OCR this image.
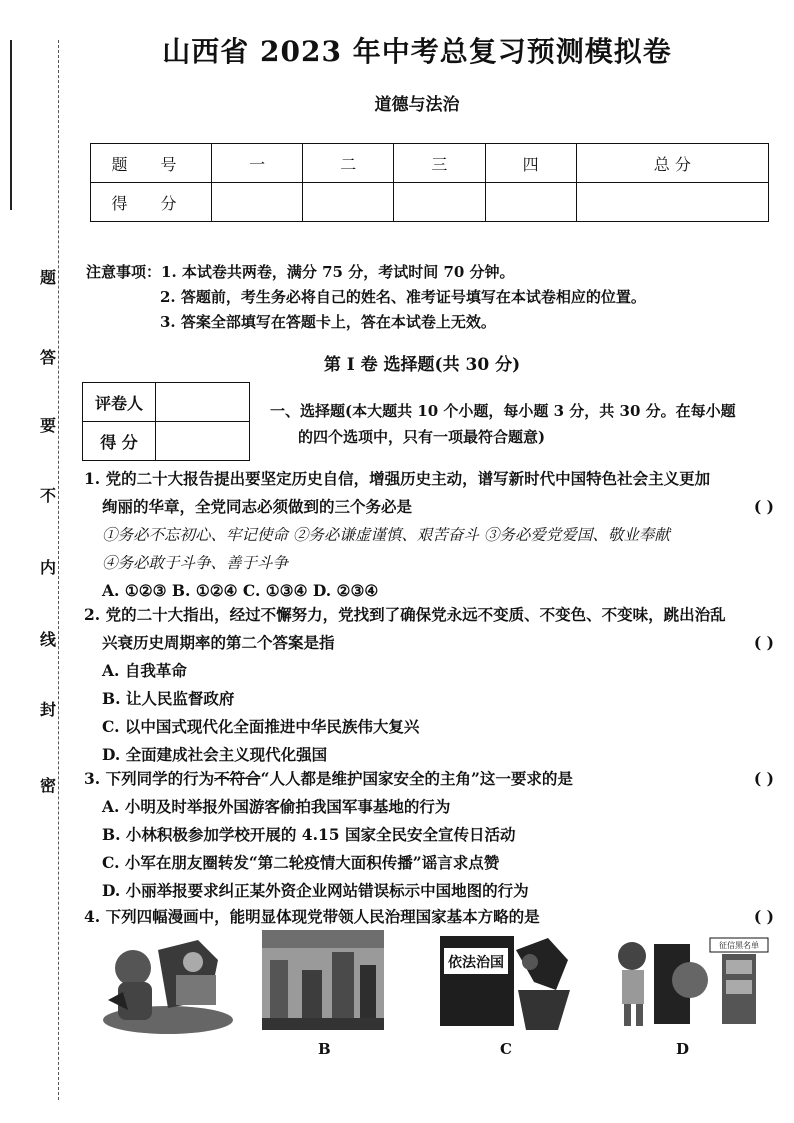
题
答
要
不
内
线
封
密
山西省 2023 年中考总复习预测模拟卷
道德与法治
题 号	一	二	三	四	总 分
得 分					
注意事项：1. 本试卷共两卷，满分 75 分，考试时间 70 分钟。
2. 答题前，考生务必将自己的姓名、准考证号填写在本试卷相应的位置。
3. 答案全部填写在答题卡上，答在本试卷上无效。
第 Ⅰ 卷 选择题(共 30 分)
评卷人	
得 分	
一、选择题(本大题共 10 个小题，每小题 3 分，共 30 分。在每小题
的四个选项中，只有一项最符合题意)
1. 党的二十大报告提出要坚定历史自信，增强历史主动，谱写新时代中国特色社会主义更加
绚丽的华章，全党同志必须做到的三个务必是	( )
①务必不忘初心、牢记使命 ②务必谦虚谨慎、艰苦奋斗 ③务必爱党爱国、敬业奉献
④务必敢于斗争、善于斗争
A. ①②③ B. ①②④ C. ①③④ D. ②③④
2. 党的二十大指出，经过不懈努力，党找到了确保党永远不变质、不变色、不变味，跳出治乱
兴衰历史周期率的第二个答案是指	( )
A. 自我革命
B. 让人民监督政府
C. 以中国式现代化全面推进中华民族伟大复兴
D. 全面建成社会主义现代化强国
3. 下列同学的行为不符合“人人都是维护国家安全的主角”这一要求的是	( )
A. 小明及时举报外国游客偷拍我国军事基地的行为
B. 小林积极参加学校开展的 4.15 国家全民安全宣传日活动
C. 小军在朋友圈转发“第二轮疫情大面积传播”谣言求点赞
D. 小丽举报要求纠正某外资企业网站错误标示中国地图的行为
4. 下列四幅漫画中，能明显体现党带领人民治理国家基本方略的是	( )
B
依法治国
C
征信黑名单
D
